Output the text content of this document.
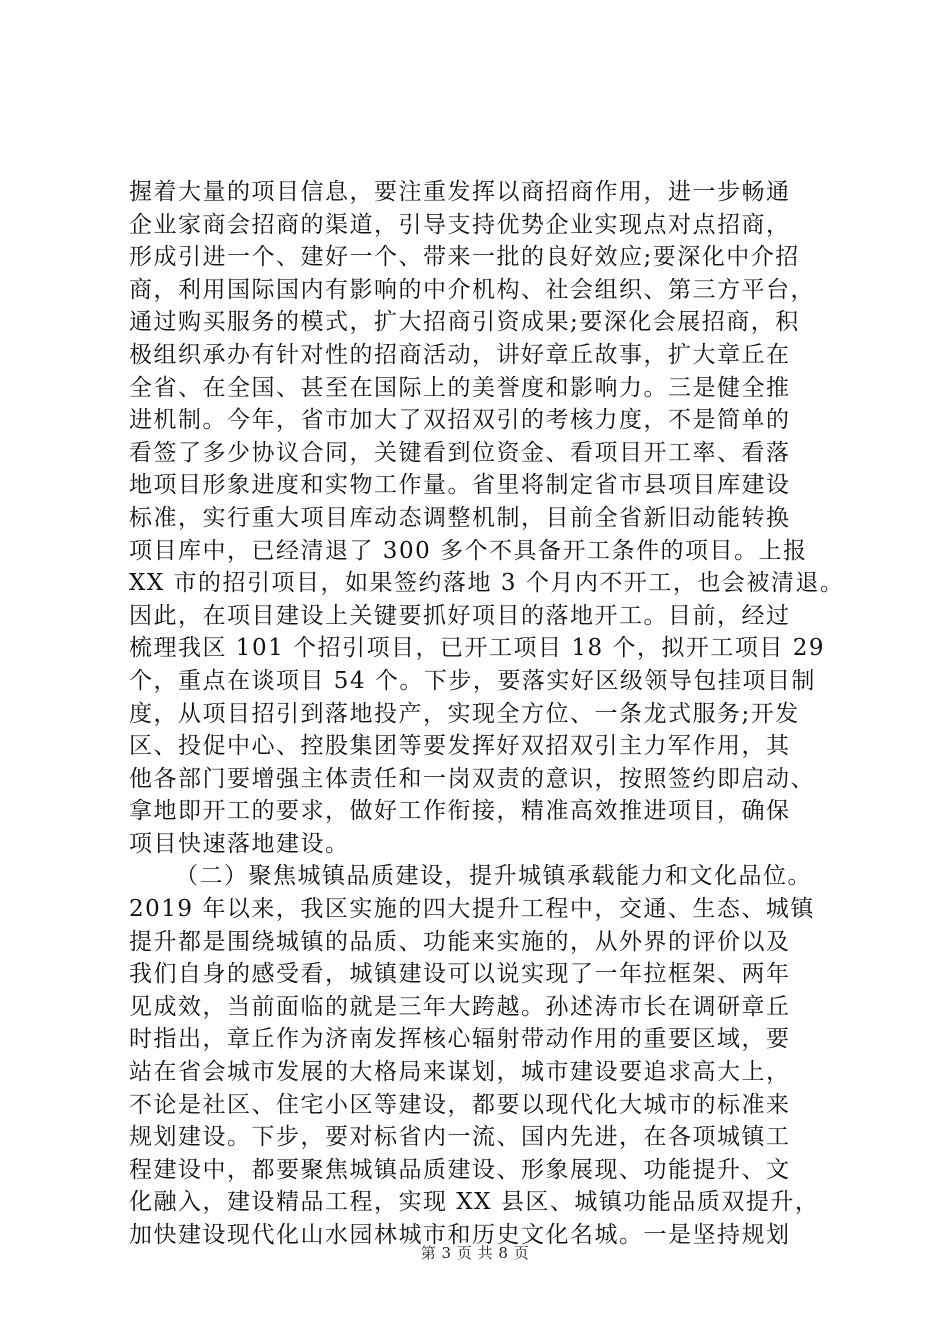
握着大量的项目信息，要注重发挥以商招商作用，进一步畅通
企业家商会招商的渠道，引导支持优势企业实现点对点招商，
形成引进一个、建好一个、带来一批的良好效应;要深化中介招
商，利用国际国内有影响的中介机构、社会组织、第三方平台，
通过购买服务的模式，扩大招商引资成果;要深化会展招商，积
极组织承办有针对性的招商活动，讲好章丘故事，扩大章丘在
全省、在全国、甚至在国际上的美誉度和影响力。三是健全推
进机制。今年，省市加大了双招双引的考核力度，不是简单的
看签了多少协议合同，关键看到位资金、看项目开工率、看落
地项目形象进度和实物工作量。省里将制定省市县项目库建设
标准，实行重大项目库动态调整机制，目前全省新旧动能转换
项目库中，已经清退了 300 多个不具备开工条件的项目。上报
XX 市的招引项目，如果签约落地 3 个月内不开工，也会被清退。
因此，在项目建设上关键要抓好项目的落地开工。目前，经过
梳理我区 101 个招引项目，已开工项目 18 个，拟开工项目 29
个，重点在谈项目 54 个。下步，要落实好区级领导包挂项目制
度，从项目招引到落地投产，实现全方位、一条龙式服务;开发
区、投促中心、控股集团等要发挥好双招双引主力军作用，其
他各部门要增强主体责任和一岗双责的意识，按照签约即启动、
拿地即开工的要求，做好工作衔接，精准高效推进项目，确保
项目快速落地建设。
（二）聚焦城镇品质建设，提升城镇承载能力和文化品位。
2019 年以来，我区实施的四大提升工程中，交通、生态、城镇
提升都是围绕城镇的品质、功能来实施的，从外界的评价以及
我们自身的感受看，城镇建设可以说实现了一年拉框架、两年
见成效，当前面临的就是三年大跨越。孙述涛市长在调研章丘
时指出，章丘作为济南发挥核心辐射带动作用的重要区域，要
站在省会城市发展的大格局来谋划，城市建设要追求高大上，
不论是社区、住宅小区等建设，都要以现代化大城市的标准来
规划建设。下步，要对标省内一流、国内先进，在各项城镇工
程建设中，都要聚焦城镇品质建设、形象展现、功能提升、文
化融入，建设精品工程，实现 XX 县区、城镇功能品质双提升，
加快建设现代化山水园林城市和历史文化名城。一是坚持规划
第 3 页 共 8 页
